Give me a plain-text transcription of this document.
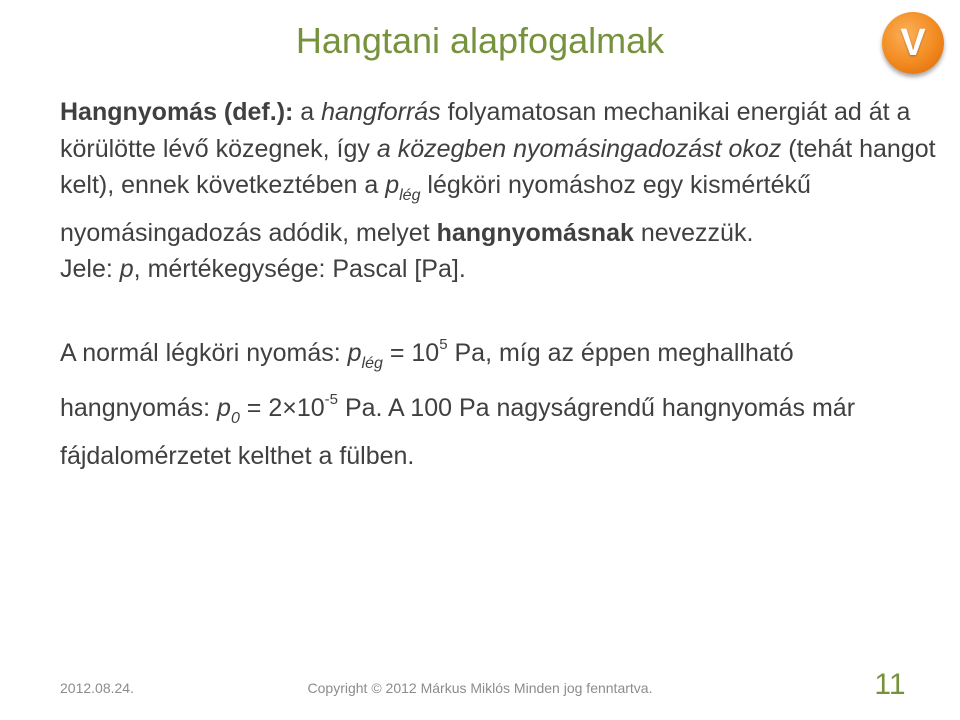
Hangtani alapfogalmak	V

Hangnyomás (def.): a hangforrás folyamatosan mechanikai energiát ad át a körülötte lévő közegnek, így a közegben nyomásingadozást okoz (tehát hangot kelt), ennek következtében a $p_{lég}$ légköri nyomáshoz egy kismértékű nyomásingadozás adódik, melyet hangnyomásnak nevezzük.

Jele: p, mértékegysége: Pascal [Pa].

A normál légköri nyomás: $p_{lég} = 10^5$ Pa, míg az éppen meghallható hangnyomás: $p_0 = 2\times 10^{-5}$ Pa. A 100 Pa nagyságrendű hangnyomás már fájdalomérzetet kelthet a fülben.

2012.08.24.	Copyright © 2012 Márkus Miklós Minden jog fenntartva.	11
